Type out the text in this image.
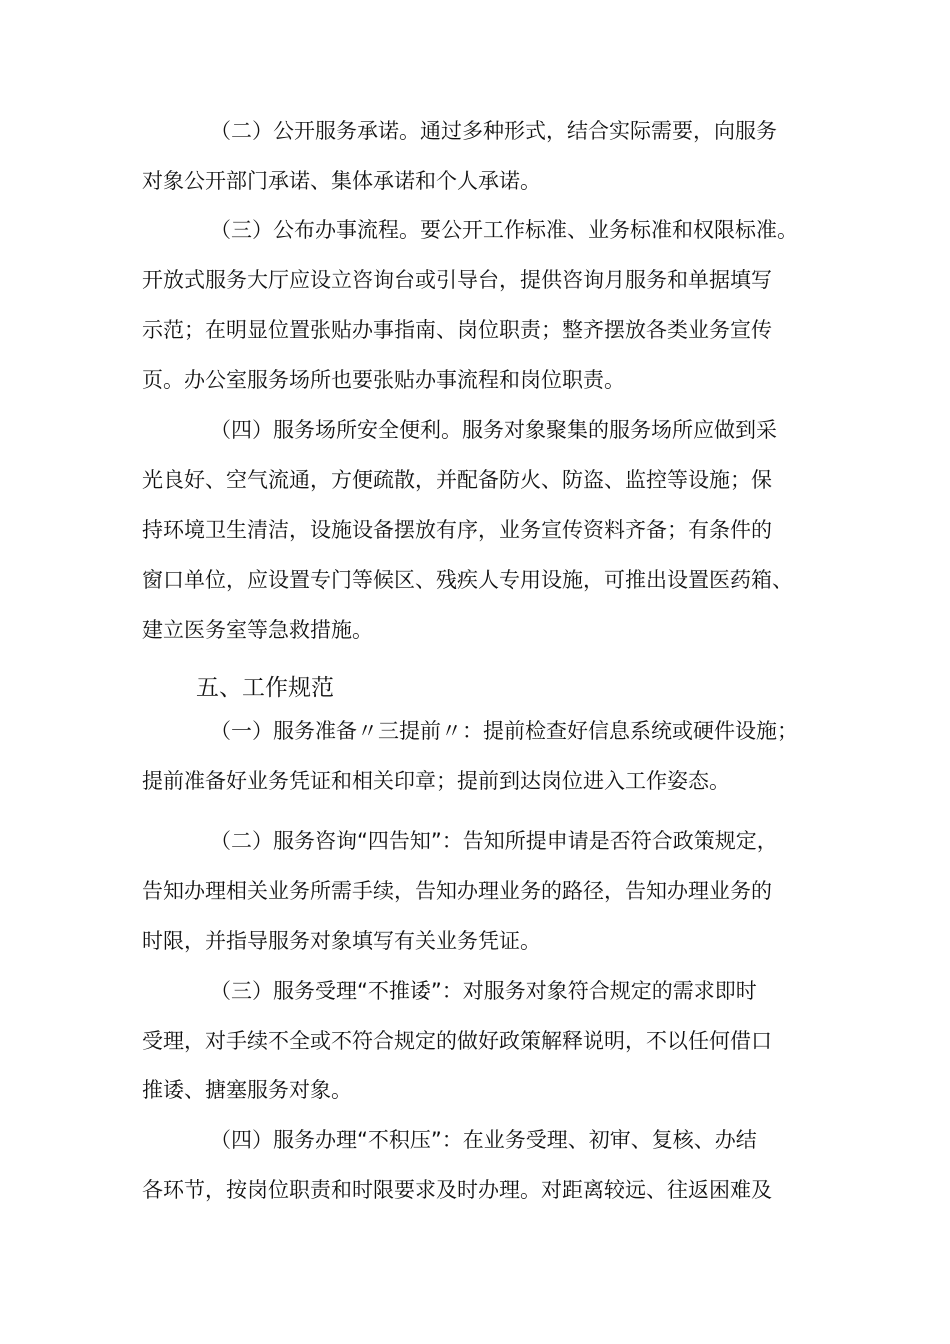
（二）公开服务承诺。通过多种形式，结合实际需要，向服务
对象公开部门承诺、集体承诺和个人承诺。
（三）公布办事流程。要公开工作标准、业务标准和权限标准。
开放式服务大厅应设立咨询台或引导台，提供咨询月服务和单据填写
示范；在明显位置张贴办事指南、岗位职责；整齐摆放各类业务宣传
页。办公室服务场所也要张贴办事流程和岗位职责。
（四）服务场所安全便利。服务对象聚集的服务场所应做到采
光良好、空气流通，方便疏散，并配备防火、防盗、监控等设施；保
持环境卫生清洁，设施设备摆放有序，业务宣传资料齐备；有条件的
窗口单位，应设置专门等候区、残疾人专用设施，可推出设置医药箱、
建立医务室等急救措施。
五、工作规范
（一）服务准备〃三提前〃：提前检查好信息系统或硬件设施；
提前准备好业务凭证和相关印章；提前到达岗位进入工作姿态。
（二）服务咨询“四告知”：告知所提申请是否符合政策规定，
告知办理相关业务所需手续，告知办理业务的路径，告知办理业务的
时限，并指导服务对象填写有关业务凭证。
（三）服务受理“不推诿”：对服务对象符合规定的需求即时
受理，对手续不全或不符合规定的做好政策解释说明，不以任何借口
推诿、搪塞服务对象。
（四）服务办理“不积压”：在业务受理、初审、复核、办结
各环节，按岗位职责和时限要求及时办理。对距离较远、往返困难及
